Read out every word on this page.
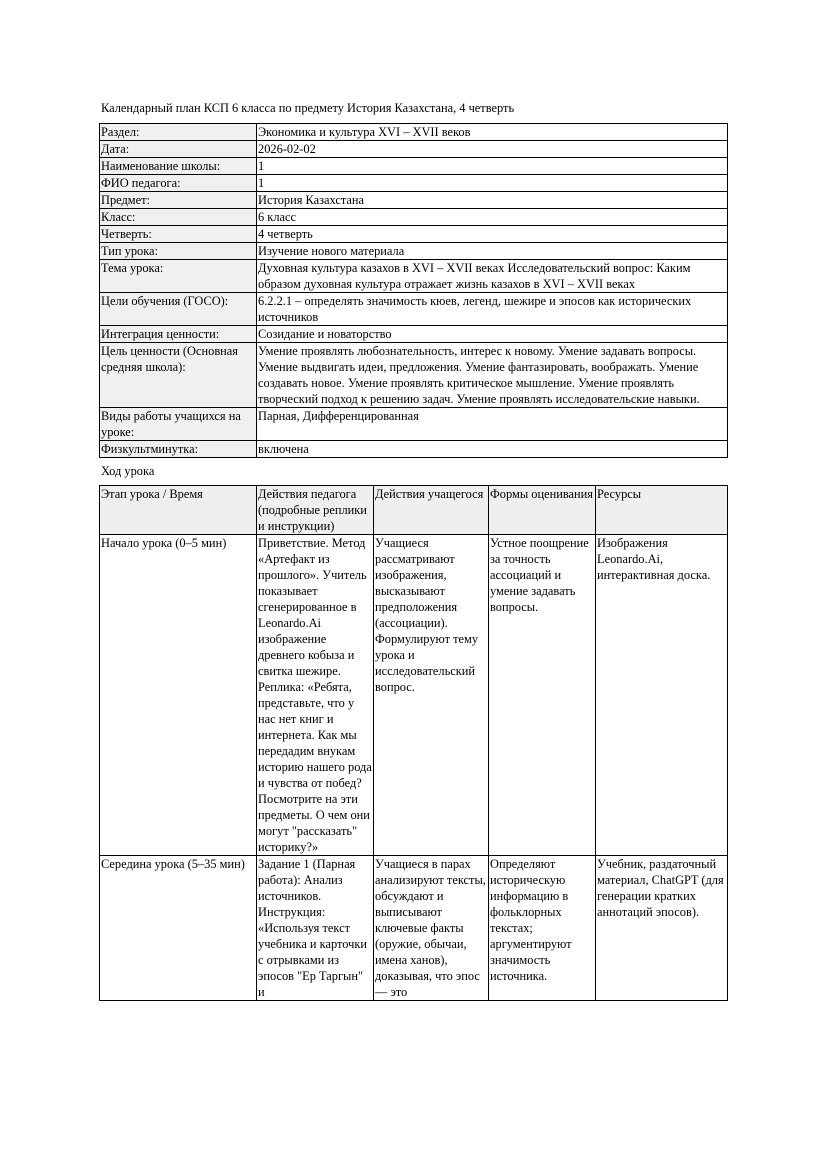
Календарный план КСП 6 класса по предмету История Казахстана, 4 четверть
Раздел:	Экономика и культура XVI – XVII веков
Дата:	2026-02-02
Наименование школы:	1
ФИО педагога:	1
Предмет:	История Казахстана
Класс:	6 класс
Четверть:	4 четверть
Тип урока:	Изучение нового материала
Тема урока:	Духовная культура казахов в XVI – XVII веках Исследовательский вопрос: Каким образом духовная культура отражает жизнь казахов в XVI – XVII веках
Цели обучения (ГОСО):	6.2.2.1 – определять значимость кюев, легенд, шежире и эпосов как исторических источников
Интеграция ценности:	Созидание и новаторство
Цель ценности (Основная средняя школа):	Умение проявлять любознательность, интерес к новому. Умение задавать вопросы. Умение выдвигать идеи, предложения. Умение фантазировать, воображать. Умение создавать новое. Умение проявлять критическое мышление. Умение проявлять творческий подход к решению задач. Умение проявлять исследовательские навыки.
Виды работы учащихся на уроке:	Парная, Дифференцированная
Физкультминутка:	включена
Ход урока
Этап урока / Время	Действия педагога (подробные реплики и инструкции)	Действия учащегося	Формы оценивания	Ресурсы
Начало урока (0–5 мин)	Приветствие. Метод «Артефакт из прошлого». Учитель показывает сгенерированное в Leonardo.Ai изображение древнего кобыза и свитка шежире. Реплика: «Ребята, представьте, что у нас нет книг и интернета. Как мы передадим внукам историю нашего рода и чувства от побед? Посмотрите на эти предметы. О чем они могут "рассказать" историку?»	Учащиеся рассматривают изображения, высказывают предположения (ассоциации). Формулируют тему урока и исследовательский вопрос.	Устное поощрение за точность ассоциаций и умение задавать вопросы.	Изображения Leonardo.Ai, интерактивная доска.
Середина урока (5–35 мин)	Задание 1 (Парная работа): Анализ источников. Инструкция: «Используя текст учебника и карточки с отрывками из эпосов "Ер Таргын" и	Учащиеся в парах анализируют тексты, обсуждают и выписывают ключевые факты (оружие, обычаи, имена ханов), доказывая, что эпос — это	Определяют историческую информацию в фольклорных текстах; аргументируют значимость источника.	Учебник, раздаточный материал, ChatGPT (для генерации кратких аннотаций эпосов).
